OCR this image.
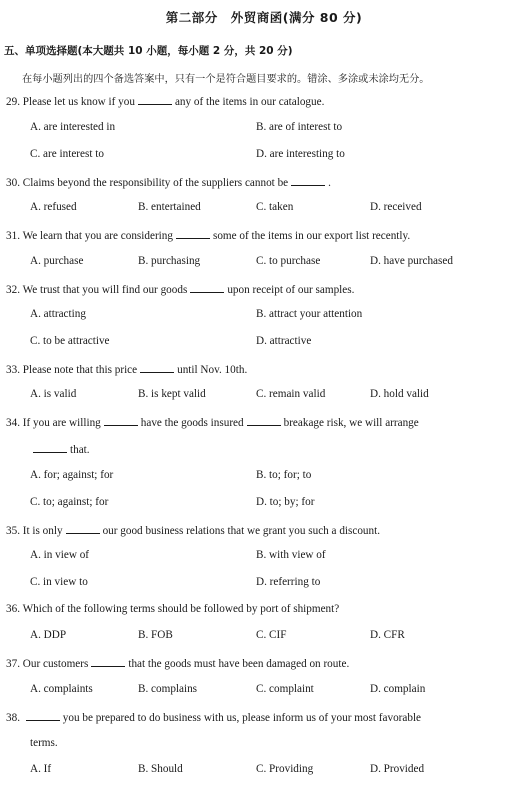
第二部分　外贸商函(满分 80 分)
五、单项选择题(本大题共 10 小题，每小题 2 分，共 20 分)
在每小题列出的四个备选答案中，只有一个是符合题目要求的。错涂、多涂或未涂均无分。
29. Please let us know if you	any of the items in our catalogue.
A. are interested in	B. are of interest to
C. are interest to	D. are interesting to
30. Claims beyond the responsibility of the suppliers cannot be	.
A. refused	B. entertained	C. taken	D. received
31. We learn that you are considering	some of the items in our export list recently.
A. purchase	B. purchasing	C. to purchase	D. have purchased
32. We trust that you will find our goods	upon receipt of our samples.
A. attracting	B. attract your attention
C. to be attractive	D. attractive
33. Please note that this price	until Nov. 10th.
A. is valid	B. is kept valid	C. remain valid	D. hold valid
34. If you are willing	have the goods insured	breakage risk, we will arrange
that.
A. for; against; for	B. to; for; to
C. to; against; for	D. to; by; for
35. It is only	our good business relations that we grant you such a discount.
A. in view of	B. with view of
C. in view to	D. referring to
36. Which of the following terms should be followed by port of shipment?
A. DDP	B. FOB	C. CIF	D. CFR
37. Our customers	that the goods must have been damaged on route.
A. complaints	B. complains	C. complaint	D. complain
38.	you be prepared to do business with us, please inform us of your most favorable
terms.
A. If	B. Should	C. Providing	D. Provided
